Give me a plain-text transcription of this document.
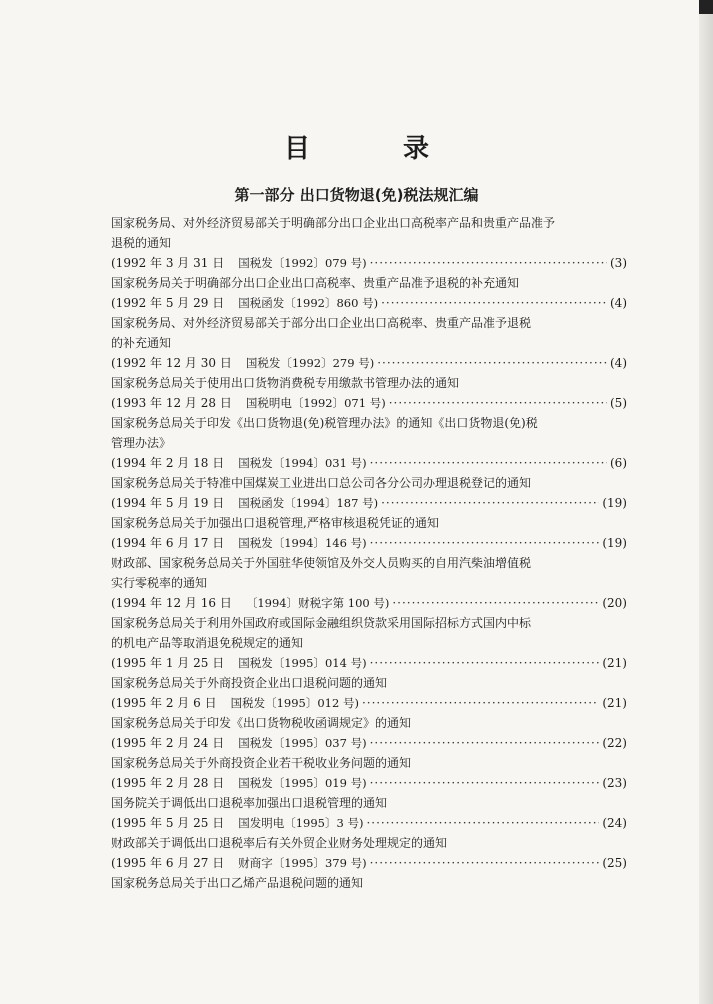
目 录
第一部分 出口货物退(免)税法规汇编
国家税务局、对外经济贸易部关于明确部分出口企业出口高税率产品和贵重产品准予
退税的通知
(1992 年 3 月 31 日 国税发〔1992〕079 号) ·····	(3)
国家税务局关于明确部分出口企业出口高税率、贵重产品准予退税的补充通知
(1992 年 5 月 29 日 国税函发〔1992〕860 号) ·····	(4)
国家税务局、对外经济贸易部关于部分出口企业出口高税率、贵重产品准予退税
的补充通知
(1992 年 12 月 30 日 国税发〔1992〕279 号) ·····	(4)
国家税务总局关于使用出口货物消费税专用缴款书管理办法的通知
(1993 年 12 月 28 日 国税明电〔1992〕071 号) ·····	(5)
国家税务总局关于印发《出口货物退(免)税管理办法》的通知《出口货物退(免)税
管理办法》
(1994 年 2 月 18 日 国税发〔1994〕031 号) ·····	(6)
国家税务总局关于特准中国煤炭工业进出口总公司各分公司办理退税登记的通知
(1994 年 5 月 19 日 国税函发〔1994〕187 号) ·····	(19)
国家税务总局关于加强出口退税管理,严格审核退税凭证的通知
(1994 年 6 月 17 日 国税发〔1994〕146 号) ·····	(19)
财政部、国家税务总局关于外国驻华使领馆及外交人员购买的自用汽柴油增值税
实行零税率的通知
(1994 年 12 月 16 日 〔1994〕财税字第 100 号) ·····	(20)
国家税务总局关于利用外国政府或国际金融组织贷款采用国际招标方式国内中标
的机电产品等取消退免税规定的通知
(1995 年 1 月 25 日 国税发〔1995〕014 号) ·····	(21)
国家税务总局关于外商投资企业出口退税问题的通知
(1995 年 2 月 6 日 国税发〔1995〕012 号) ·····	(21)
国家税务总局关于印发《出口货物税收函调规定》的通知
(1995 年 2 月 24 日 国税发〔1995〕037 号) ·····	(22)
国家税务总局关于外商投资企业若干税收业务问题的通知
(1995 年 2 月 28 日 国税发〔1995〕019 号) ·····	(23)
国务院关于调低出口退税率加强出口退税管理的通知
(1995 年 5 月 25 日 国发明电〔1995〕3 号) ·····	(24)
财政部关于调低出口退税率后有关外贸企业财务处理规定的通知
(1995 年 6 月 27 日 财商字〔1995〕379 号) ·····	(25)
国家税务总局关于出口乙烯产品退税问题的通知
